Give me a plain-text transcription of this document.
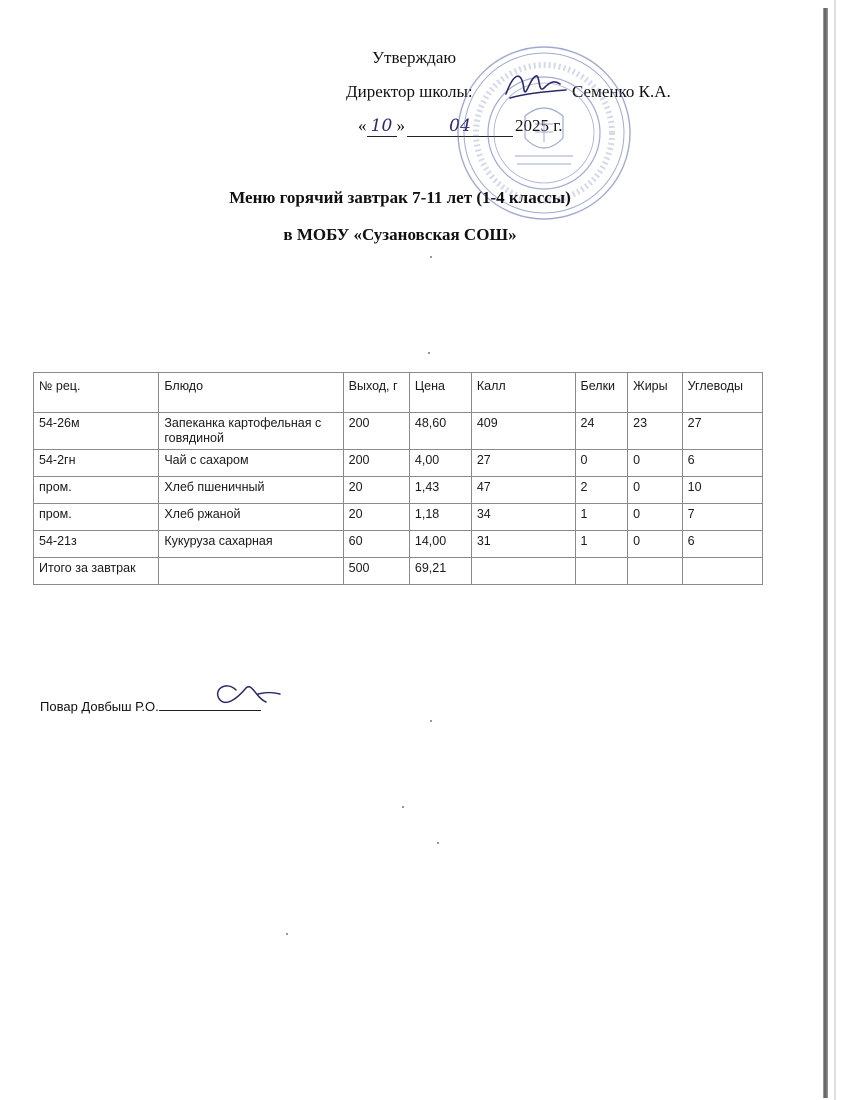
Утверждаю
Директор школы:	Семенко К.А.
« 10 »	04	2025 г.
Меню горячий завтрак 7-11 лет (1-4 классы)
в МОБУ «Сузановская СОШ»
№ рец.	Блюдо	Выход, г	Цена	Калл	Белки	Жиры	Углеводы
54-26м	Запеканка картофельная с говядиной	200	48,60	409	24	23	27
54-2гн	Чай с сахаром	200	4,00	27	0	0	6
пром.	Хлеб пшеничный	20	1,43	47	2	0	10
пром.	Хлеб ржаной	20	1,18	34	1	0	7
54-21з	Кукуруза сахарная	60	14,00	31	1	0	6
Итого за завтрак		500	69,21				
Повар Довбыш Р.О.
